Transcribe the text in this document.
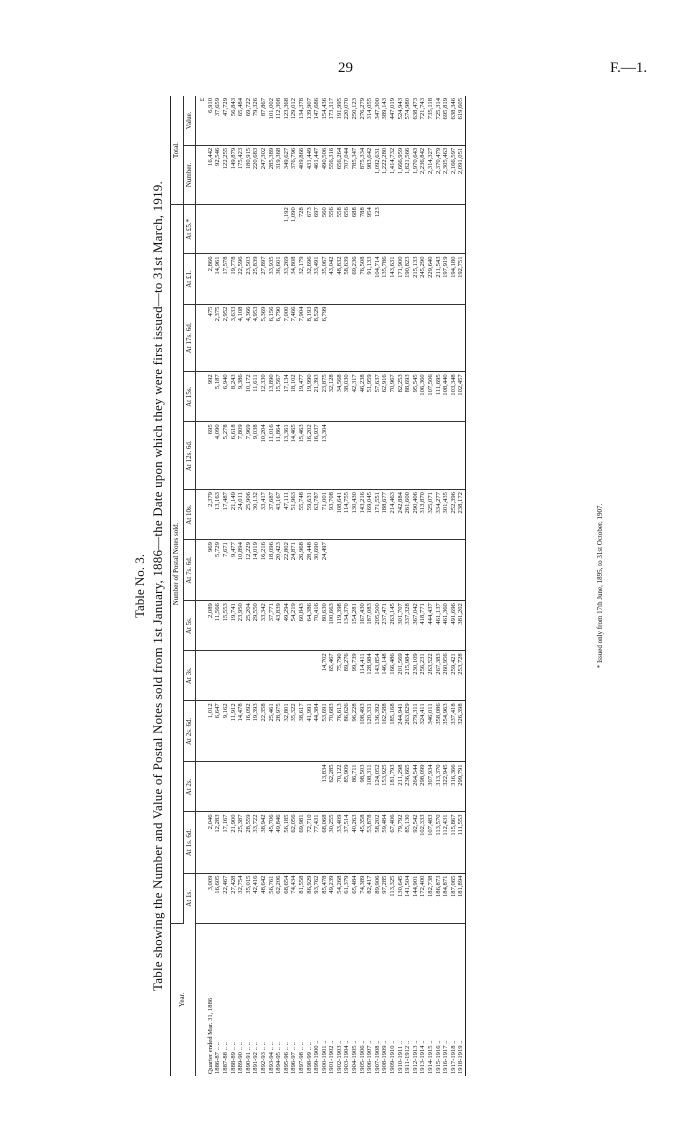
29	F.—1.
Table No. 3. Table showing the Number and Value of Postal Notes sold from 1st January, 1886—the Date upon which they were first issued—to 31st March, 1919.
Year.	Number of Postal Notes sold.													Total.	
	At 1s.	At 1s. 6d.	At 2s.	At 2s. 6d.	At 3s.	At 5s.	At 7s. 6d.	At 10s.	At 12s. 6d.	At 15s.	At 17s. 6d.	At £1.	At £5.*	Number.	Value.
															£
Quarter ended Mar. 31, 1886	3,009	2,046		1,012		2,089	969	2,379	695	992	475	2,866		16,442	6,910
1886-87 .. ..	16,605	12,283		6,647		11,566	5,729	13,163	4,090	5,187	2,375	14,961		92,546	37,659
1887-88 .. ..	22,467	17,167		9,162		15,553	7,671	17,487	5,278	6,940	2,952	17,578		122,255	47,729
1888-89 .. ..	27,428	21,900		11,912		19,741	9,477	21,149	6,618	8,243	3,633	19,778		149,879	56,843
1889-90 .. ..	32,754	25,387		14,478		23,950	10,894	24,011	7,809	9,386	4,108	22,596		175,423	65,484
1890-91 .. ..	35,015	28,559		16,092		25,204	12,229	25,906	7,969	10,172	4,366	23,503		180,915	69,722
1891-92 .. ..	42,416	33,722		19,393		29,550	14,019	30,132	9,038	11,611	4,953	25,839		220,683	79,326
1892-93 .. ..	48,642	38,942		22,358		33,342	16,216	33,417	10,204	12,330	5,369	27,897		247,302	87,867
1893-94 .. ..	56,761	45,706		25,461		37,771	18,096	37,687	11,016	13,890	6,156	33,935		285,389	101,002
1894-95 .. ..	62,206	49,846		28,975		43,839	20,423	43,167	11,864	15,567	6,790	36,601		319,368	112,308
1895-96 .. ..	68,654	56,185		32,801		49,294	22,802	47,111	13,361	17,134	7,000	33,269	1,192	349,627	123,368
1896-97 .. ..	74,434	62,056		35,322		54,219	24,871	51,963	14,465	18,102	7,466	34,808	1,090	376,796	129,012
1897-98 .. ..	81,558	69,981		38,617		60,843	26,968	55,748	15,463	19,477	7,904	32,179	728	409,866	134,378
1898-99 .. ..	86,929	72,710		41,991		64,386	28,448	59,631	16,202	19,990	8,193	32,696	673	431,449	139,907
1899-1900 ..	93,762	77,431		44,384		70,416	30,690	63,787	16,937	21,393	8,529	33,491	697	461,447	147,686
1900-1901 ..	85,478	68,068	13,834	53,691	14,702	80,630	24,497	71,001	13,304	23,875	6,799	35,067	560	490,506	154,436
1901-1902 ..	49,239	30,255	62,285	70,683	65,467	100,663		93,708		32,128		43,042	556	556,316	173,317
1902-1903 ..	54,268	33,409	70,122	76,613	75,790	119,398		108,641		34,568		48,832	558	656,264	191,995
1903-1904 ..	61,379	37,514	85,909	86,626	89,276	134,370		114,755		38,030		58,639	656	707,044	220,070
1904-1905 ..	65,484	40,263	86,711	96,228	99,739	154,281		130,430		42,317		69,236	688	785,347	250,123
1905-1906 ..	74,389	45,358	98,503	108,493	114,411	167,430		143,216		46,238		76,508	788	875,334	276,279
1906-1907 ..	82,417	53,878	108,311	120,331	128,984	187,083		169,045		51,959		91,133	954	983,642	314,055
1907-1908 ..	89,906	58,202	124,052	136,392	143,854	205,500		171,551		57,637		104,714	123	1,092,631	347,300
1908-1909 ..	97,285	59,484	153,925	162,588	146,148	237,471		188,677		62,916		135,786		1,222,280	389,143
1909-1910 ..	113,325	67,406	181,793	185,168	166,486	263,145		214,463		70,967		143,631		1,414,732	447,019
1910-1911 ..	130,645	79,792	211,298	244,941	201,569	301,707		242,884		82,253		171,900		1,666,959	524,943
1911-1912 ..	141,504	85,130	236,665	263,829	215,984	337,328		261,600		88,693		190,823		1,821,566	574,980
1912-1913 ..	144,901	92,542	264,544	279,311	230,109	367,042		290,406		95,545		215,133		1,970,643	638,473
1913-1914 ..	172,400	102,333	298,099	324,411	256,231	418,771		313,870		106,360		245,290		2,236,842	721,743
1914-1915 ..	182,738	107,483	307,934	346,011	263,522	444,437		325,071		107,506		229,640		2,314,327	735,118
1915-1916 ..	186,873	113,570	313,370	358,086	267,383	461,137		334,277		111,695		211,543		2,370,479	725,314
1916-1917 ..	184,871	112,431	322,945	354,963	260,956	461,360		301,435		108,440		197,919		2,305,463	695,819
1917-1918 ..	187,065	115,867	316,366	337,418	259,421	491,696		252,396		103,348		194,180		2,166,597	638,346
1918-1919 ..	181,894	111,553	299,791	326,398	253,728	381,202		238,172		102,457		192,751		2,091,051	619,605
* Issued only from 17th June, 1895, to 31st October, 1907.
